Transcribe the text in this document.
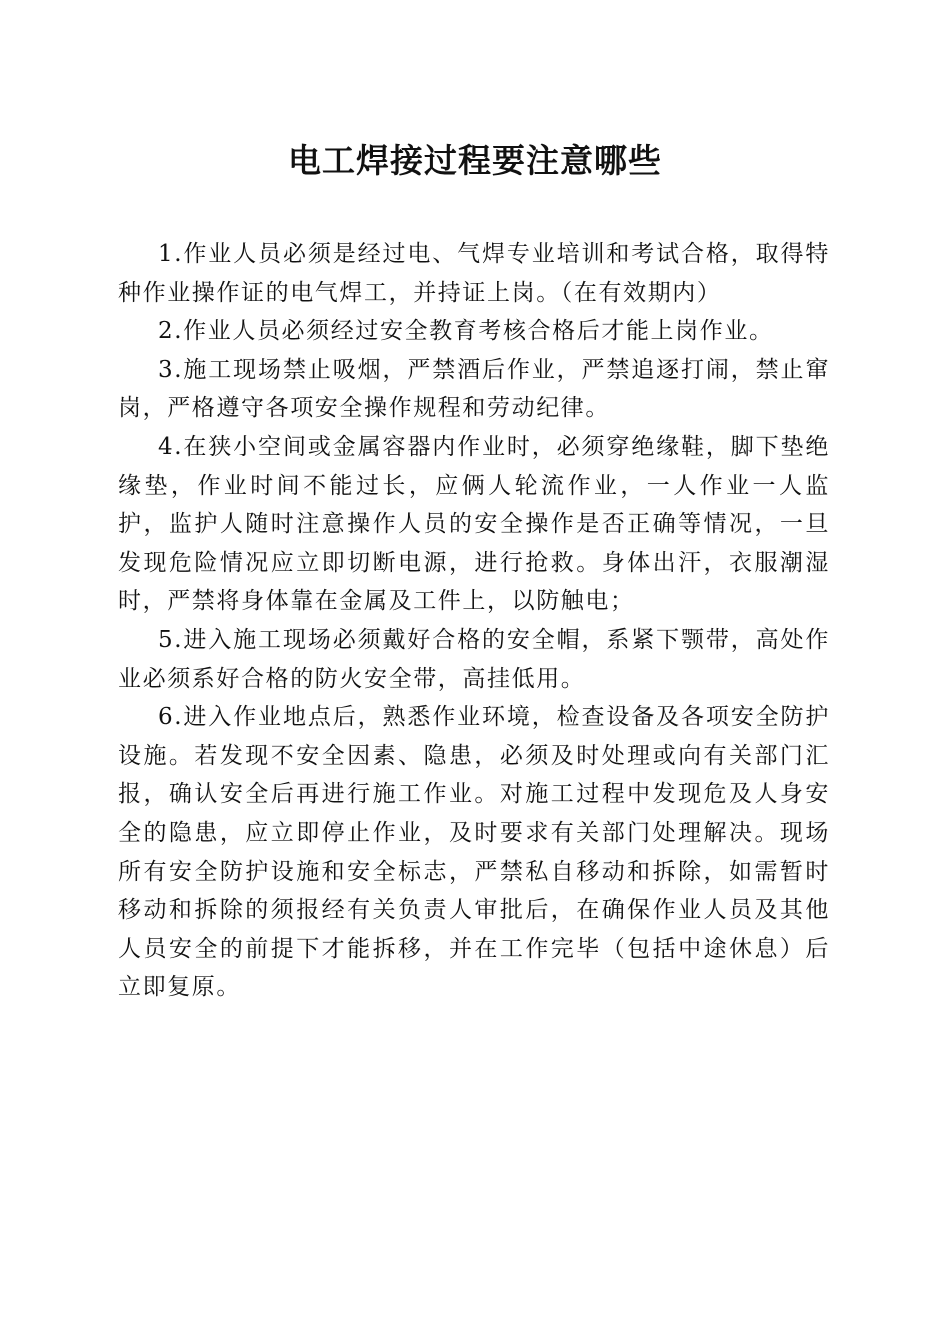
电工焊接过程要注意哪些

1.作业人员必须是经过电、气焊专业培训和考试合格，取得特种作业操作证的电气焊工，并持证上岗。（在有效期内）

2.作业人员必须经过安全教育考核合格后才能上岗作业。

3.施工现场禁止吸烟，严禁酒后作业，严禁追逐打闹，禁止窜岗，严格遵守各项安全操作规程和劳动纪律。

4.在狭小空间或金属容器内作业时，必须穿绝缘鞋，脚下垫绝缘垫，作业时间不能过长，应俩人轮流作业，一人作业一人监护，监护人随时注意操作人员的安全操作是否正确等情况，一旦发现危险情况应立即切断电源，进行抢救。身体出汗，衣服潮湿时，严禁将身体靠在金属及工件上，以防触电；

5.进入施工现场必须戴好合格的安全帽，系紧下颚带，高处作业必须系好合格的防火安全带，高挂低用。

6.进入作业地点后，熟悉作业环境，检查设备及各项安全防护设施。若发现不安全因素、隐患，必须及时处理或向有关部门汇报，确认安全后再进行施工作业。对施工过程中发现危及人身安全的隐患，应立即停止作业，及时要求有关部门处理解决。现场所有安全防护设施和安全标志，严禁私自移动和拆除，如需暂时移动和拆除的须报经有关负责人审批后，在确保作业人员及其他人员安全的前提下才能拆移，并在工作完毕（包括中途休息）后立即复原。
